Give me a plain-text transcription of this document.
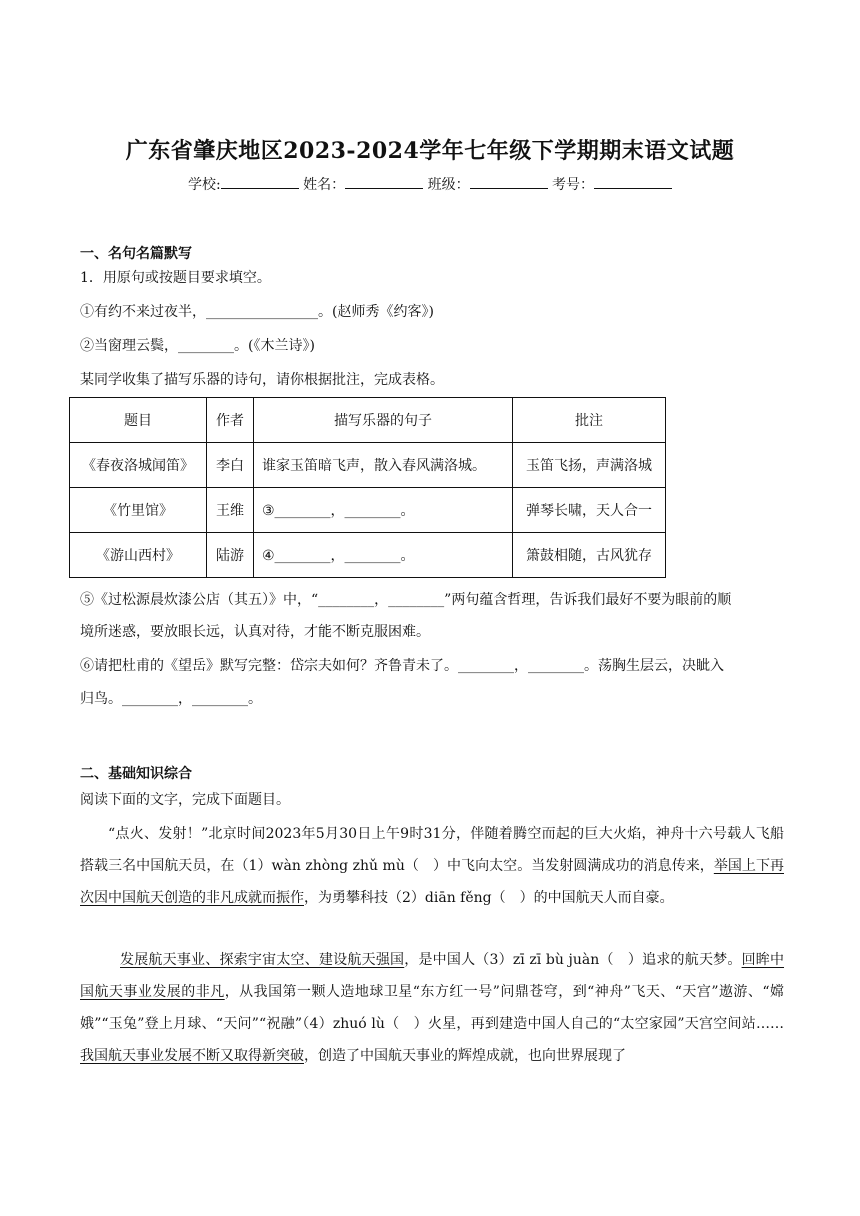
广东省肇庆地区2023-2024学年七年级下学期期末语文试题
学校:	姓名：	班级：	考号：
一、名句名篇默写
1．用原句或按题目要求填空。
①有约不来过夜半，________________。(赵师秀《约客》)
②当窗理云鬓，________。(《木兰诗》)
某同学收集了描写乐器的诗句，请你根据批注，完成表格。
题目	作者	描写乐器的句子	批注
《春夜洛城闻笛》	李白	谁家玉笛暗飞声，散入春风满洛城。	玉笛飞扬，声满洛城
《竹里馆》	王维	③________，________。	弹琴长啸，天人合一
《游山西村》	陆游	④________，________。	箫鼓相随，古风犹存
⑤《过松源晨炊漆公店（其五）》中，“________，________”两句蕴含哲理，告诉我们最好不要为眼前的顺
境所迷惑，要放眼长远，认真对待，才能不断克服困难。
⑥请把杜甫的《望岳》默写完整：岱宗夫如何？齐鲁青未了。________，________。荡胸生层云，决眦入
归鸟。________，________。
二、基础知识综合
阅读下面的文字，完成下面题目。
“点火、发射！”北京时间2023年5月30日上午9时31分，伴随着腾空而起的巨大火焰，神舟十六号载人飞船搭载三名中国航天员，在（1）wàn zhòng zhǔ mù（　）中飞向太空。当发射圆满成功的消息传来，举国上下再次因中国航天创造的非凡成就而振作，为勇攀科技（2）diān fěng（　）的中国航天人而自豪。
发展航天事业、探索宇宙太空、建设航天强国，是中国人（3）zī zī bù juàn（　）追求的航天梦。回眸中国航天事业发展的非凡，从我国第一颗人造地球卫星“东方红一号”问鼎苍穹，到“神舟”飞天、“天宫”遨游、“嫦娥”“玉兔”登上月球、“天问”“祝融”（4）zhuó lù（　）火星，再到建造中国人自己的“太空家园”天宫空间站……我国航天事业发展不断又取得新突破，创造了中国航天事业的辉煌成就，也向世界展现了
